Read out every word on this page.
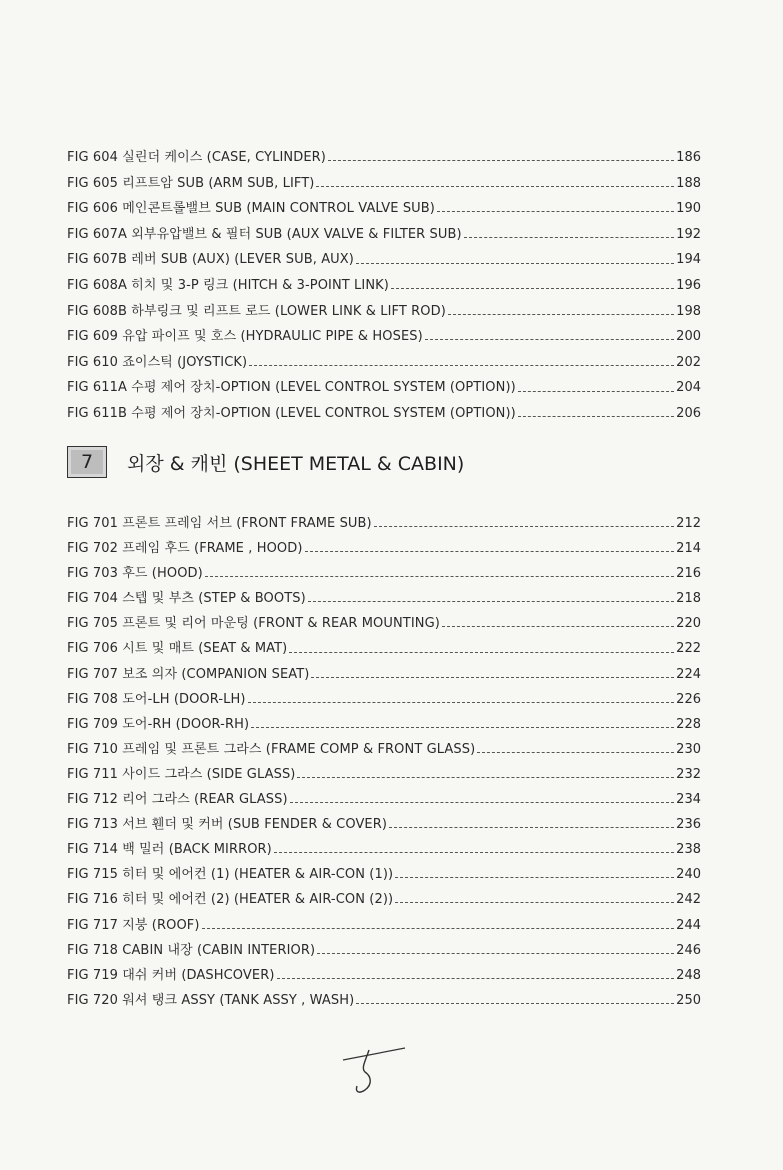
FIG 604 실린더 케이스 (CASE, CYLINDER)	186
FIG 605 리프트암 SUB (ARM SUB, LIFT)	188
FIG 606 메인콘트롤밸브 SUB (MAIN CONTROL VALVE SUB)	190
FIG 607A 외부유압밸브 & 필터 SUB (AUX VALVE & FILTER SUB)	192
FIG 607B 레버 SUB (AUX) (LEVER SUB, AUX)	194
FIG 608A 히치 및 3-P 링크 (HITCH & 3-POINT LINK)	196
FIG 608B 하부링크 및 리프트 로드 (LOWER LINK & LIFT ROD)	198
FIG 609 유압 파이프 및 호스 (HYDRAULIC PIPE & HOSES)	200
FIG 610 죠이스틱 (JOYSTICK)	202
FIG 611A 수평 제어 장치-OPTION (LEVEL CONTROL SYSTEM (OPTION))	204
FIG 611B 수평 제어 장치-OPTION (LEVEL CONTROL SYSTEM (OPTION))	206
7	외장 & 캐빈 (SHEET METAL & CABIN)
FIG 701 프론트 프레임 서브 (FRONT FRAME SUB)	212
FIG 702 프레임 후드 (FRAME , HOOD)	214
FIG 703 후드 (HOOD)	216
FIG 704 스텝 및 부츠 (STEP & BOOTS)	218
FIG 705 프론트 및 리어 마운팅 (FRONT & REAR MOUNTING)	220
FIG 706 시트 및 매트 (SEAT & MAT)	222
FIG 707 보조 의자 (COMPANION SEAT)	224
FIG 708 도어-LH (DOOR-LH)	226
FIG 709 도어-RH (DOOR-RH)	228
FIG 710 프레임 및 프론트 그라스 (FRAME COMP & FRONT GLASS)	230
FIG 711 사이드 그라스 (SIDE GLASS)	232
FIG 712 리어 그라스 (REAR GLASS)	234
FIG 713 서브 휀더 및 커버 (SUB FENDER & COVER)	236
FIG 714 백 밀러 (BACK MIRROR)	238
FIG 715 히터 및 에어컨 (1) (HEATER & AIR-CON (1))	240
FIG 716 히터 및 에어컨 (2) (HEATER & AIR-CON (2))	242
FIG 717 지붕 (ROOF)	244
FIG 718 CABIN 내장 (CABIN INTERIOR)	246
FIG 719 대쉬 커버 (DASHCOVER)	248
FIG 720 워셔 탱크 ASSY (TANK ASSY , WASH)	250
